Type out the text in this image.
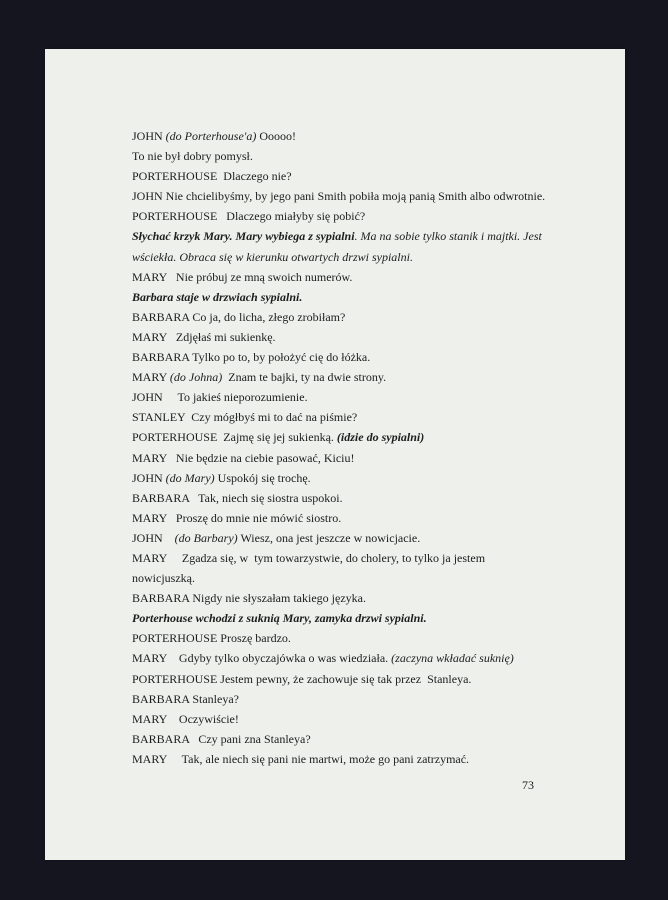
JOHN (do Porterhouse'a) Ooooo!
To nie był dobry pomysł.
PORTERHOUSE  Dlaczego nie?
JOHN Nie chcielibyśmy, by jego pani Smith pobiła moją panią Smith albo odwrotnie.
PORTERHOUSE   Dlaczego miałyby się pobić?
Słychać krzyk Mary. Mary wybiega z sypialni. Ma na sobie tylko stanik i majtki. Jest
wściekła. Obraca się w kierunku otwartych drzwi sypialni.
MARY   Nie próbuj ze mną swoich numerów.
Barbara staje w drzwiach sypialni.
BARBARA Co ja, do licha, złego zrobiłam?
MARY   Zdjęłaś mi sukienkę.
BARBARA Tylko po to, by położyć cię do łóżka.
MARY (do Johna)  Znam te bajki, ty na dwie strony.
JOHN     To jakieś nieporozumienie.
STANLEY  Czy mógłbyś mi to dać na piśmie?
PORTERHOUSE  Zajmę się jej sukienką. (idzie do sypialni)
MARY   Nie będzie na ciebie pasować, Kiciu!
JOHN (do Mary) Uspokój się trochę.
BARBARA   Tak, niech się siostra uspokoi.
MARY   Proszę do mnie nie mówić siostro.
JOHN    (do Barbary) Wiesz, ona jest jeszcze w nowicjacie.
MARY     Zgadza się, w  tym towarzystwie, do cholery, to tylko ja jestem
nowicjuszką.
BARBARA Nigdy nie słyszałam takiego języka.
Porterhouse wchodzi z suknią Mary, zamyka drzwi sypialni.
PORTERHOUSE Proszę bardzo.
MARY    Gdyby tylko obyczajówka o was wiedziała. (zaczyna wkładać suknię)
PORTERHOUSE Jestem pewny, że zachowuje się tak przez  Stanleya.
BARBARA Stanleya?
MARY    Oczywiście!
BARBARA   Czy pani zna Stanleya?
MARY     Tak, ale niech się pani nie martwi, może go pani zatrzymać.
73
